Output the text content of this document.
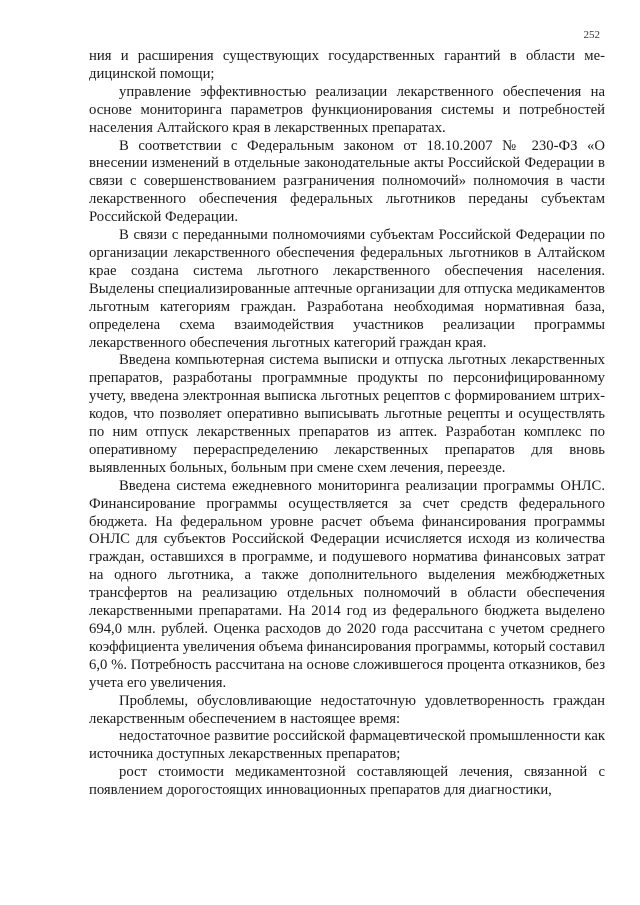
252

ния и расширения существующих государственных гарантий в области медицинской помощи;

управление эффективностью реализации лекарственного обеспечения на основе мониторинга параметров функционирования системы и потребностей населения Алтайского края в лекарственных препаратах.

В соответствии с Федеральным законом от 18.10.2007 № 230-ФЗ «О внесении изменений в отдельные законодательные акты Российской Федерации в связи с совершенствованием разграничения полномочий» полномочия в части лекарственного обеспечения федеральных льготников переданы субъектам Российской Федерации.

В связи с переданными полномочиями субъектам Российской Федерации по организации лекарственного обеспечения федеральных льготников в Алтайском крае создана система льготного лекарственного обеспечения населения. Выделены специализированные аптечные организации для отпуска медикаментов льготным категориям граждан. Разработана необходимая нормативная база, определена схема взаимодействия участников реализации программы лекарственного обеспечения льготных категорий граждан края.

Введена компьютерная система выписки и отпуска льготных лекарственных препаратов, разработаны программные продукты по персонифицированному учету, введена электронная выписка льготных рецептов с формированием штрих-кодов, что позволяет оперативно выписывать льготные рецепты и осуществлять по ним отпуск лекарственных препаратов из аптек. Разработан комплекс по оперативному перераспределению лекарственных препаратов для вновь выявленных больных, больным при смене схем лечения, переезде.

Введена система ежедневного мониторинга реализации программы ОНЛС. Финансирование программы осуществляется за счет средств федерального бюджета. На федеральном уровне расчет объема финансирования программы ОНЛС для субъектов Российской Федерации исчисляется исходя из количества граждан, оставшихся в программе, и подушевого норматива финансовых затрат на одного льготника, а также дополнительного выделения межбюджетных трансфертов на реализацию отдельных полномочий в области обеспечения лекарственными препаратами. На 2014 год из федерального бюджета выделено 694,0 млн. рублей. Оценка расходов до 2020 года рассчитана с учетом среднего коэффициента увеличения объема финансирования программы, который составил 6,0 %. Потребность рассчитана на основе сложившегося процента отказников, без учета его увеличения.

Проблемы, обусловливающие недостаточную удовлетворенность граждан лекарственным обеспечением в настоящее время:

недостаточное развитие российской фармацевтической промышленности как источника доступных лекарственных препаратов;

рост стоимости медикаментозной составляющей лечения, связанной с появлением дорогостоящих инновационных препаратов для диагностики,
